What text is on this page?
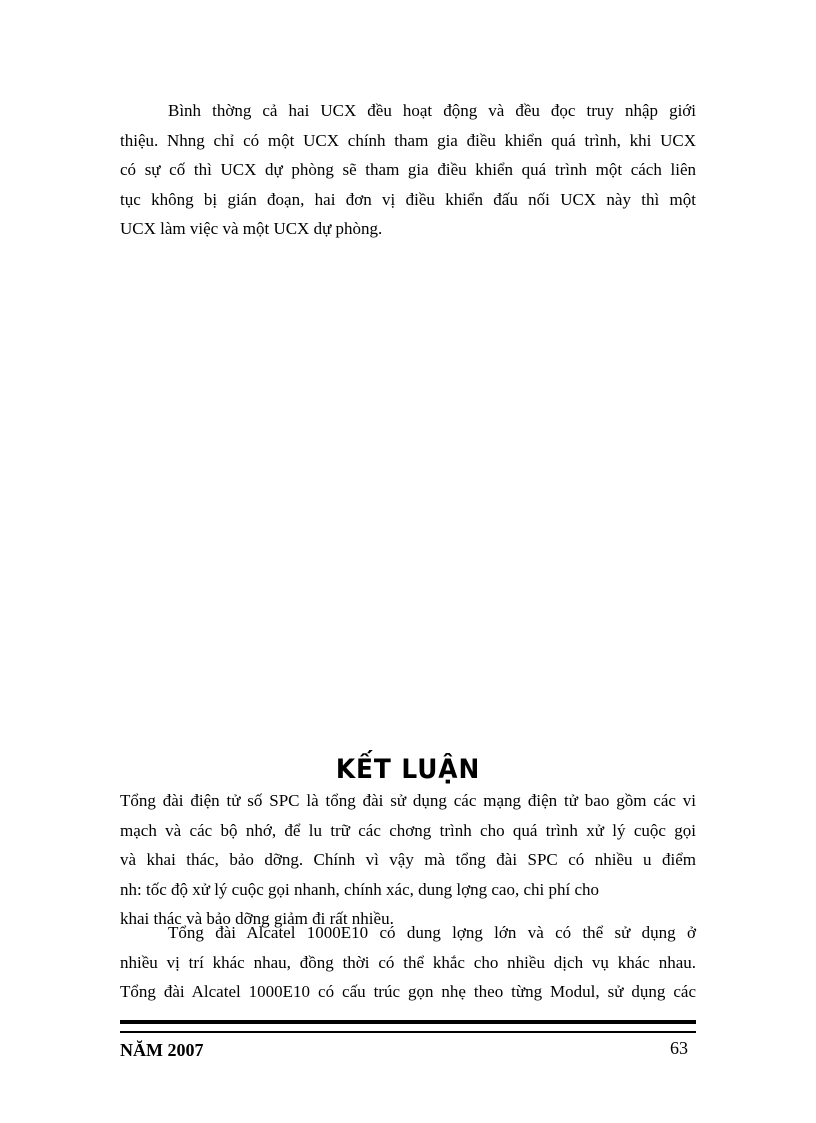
Bình thờng cả hai UCX đều hoạt động và đều đọc truy nhập giới
thiệu. Nhng chỉ có một UCX chính tham gia điều khiển quá trình, khi UCX
có sự cố thì UCX dự phòng sẽ tham gia điều khiển quá trình một cách liên
tục không bị gián đoạn, hai đơn vị điều khiển đấu nối UCX này thì một
UCX làm việc và một UCX dự phòng.

KẾT LUẬN

Tổng đài điện tử số SPC là tổng đài sử dụng các mạng điện tử bao gồm các vi
mạch và các bộ nhớ, để lu trữ các chơng trình cho quá trình xử lý cuộc gọi
và khai thác, bảo dỡng. Chính vì vậy mà tổng đài SPC có nhiều u điểm
nh: tốc độ xử lý cuộc gọi nhanh, chính xác, dung lợng cao, chi phí cho
khai thác và bảo dỡng giảm đi rất nhiều.

Tổng đài Alcatel 1000E10 có dung lợng lớn và có thể sử dụng ở
nhiều vị trí khác nhau, đồng thời có thể khắc cho nhiều dịch vụ khác nhau.
Tổng đài Alcatel 1000E10 có cấu trúc gọn nhẹ theo từng Modul, sử dụng các

NĂM 2007	63
